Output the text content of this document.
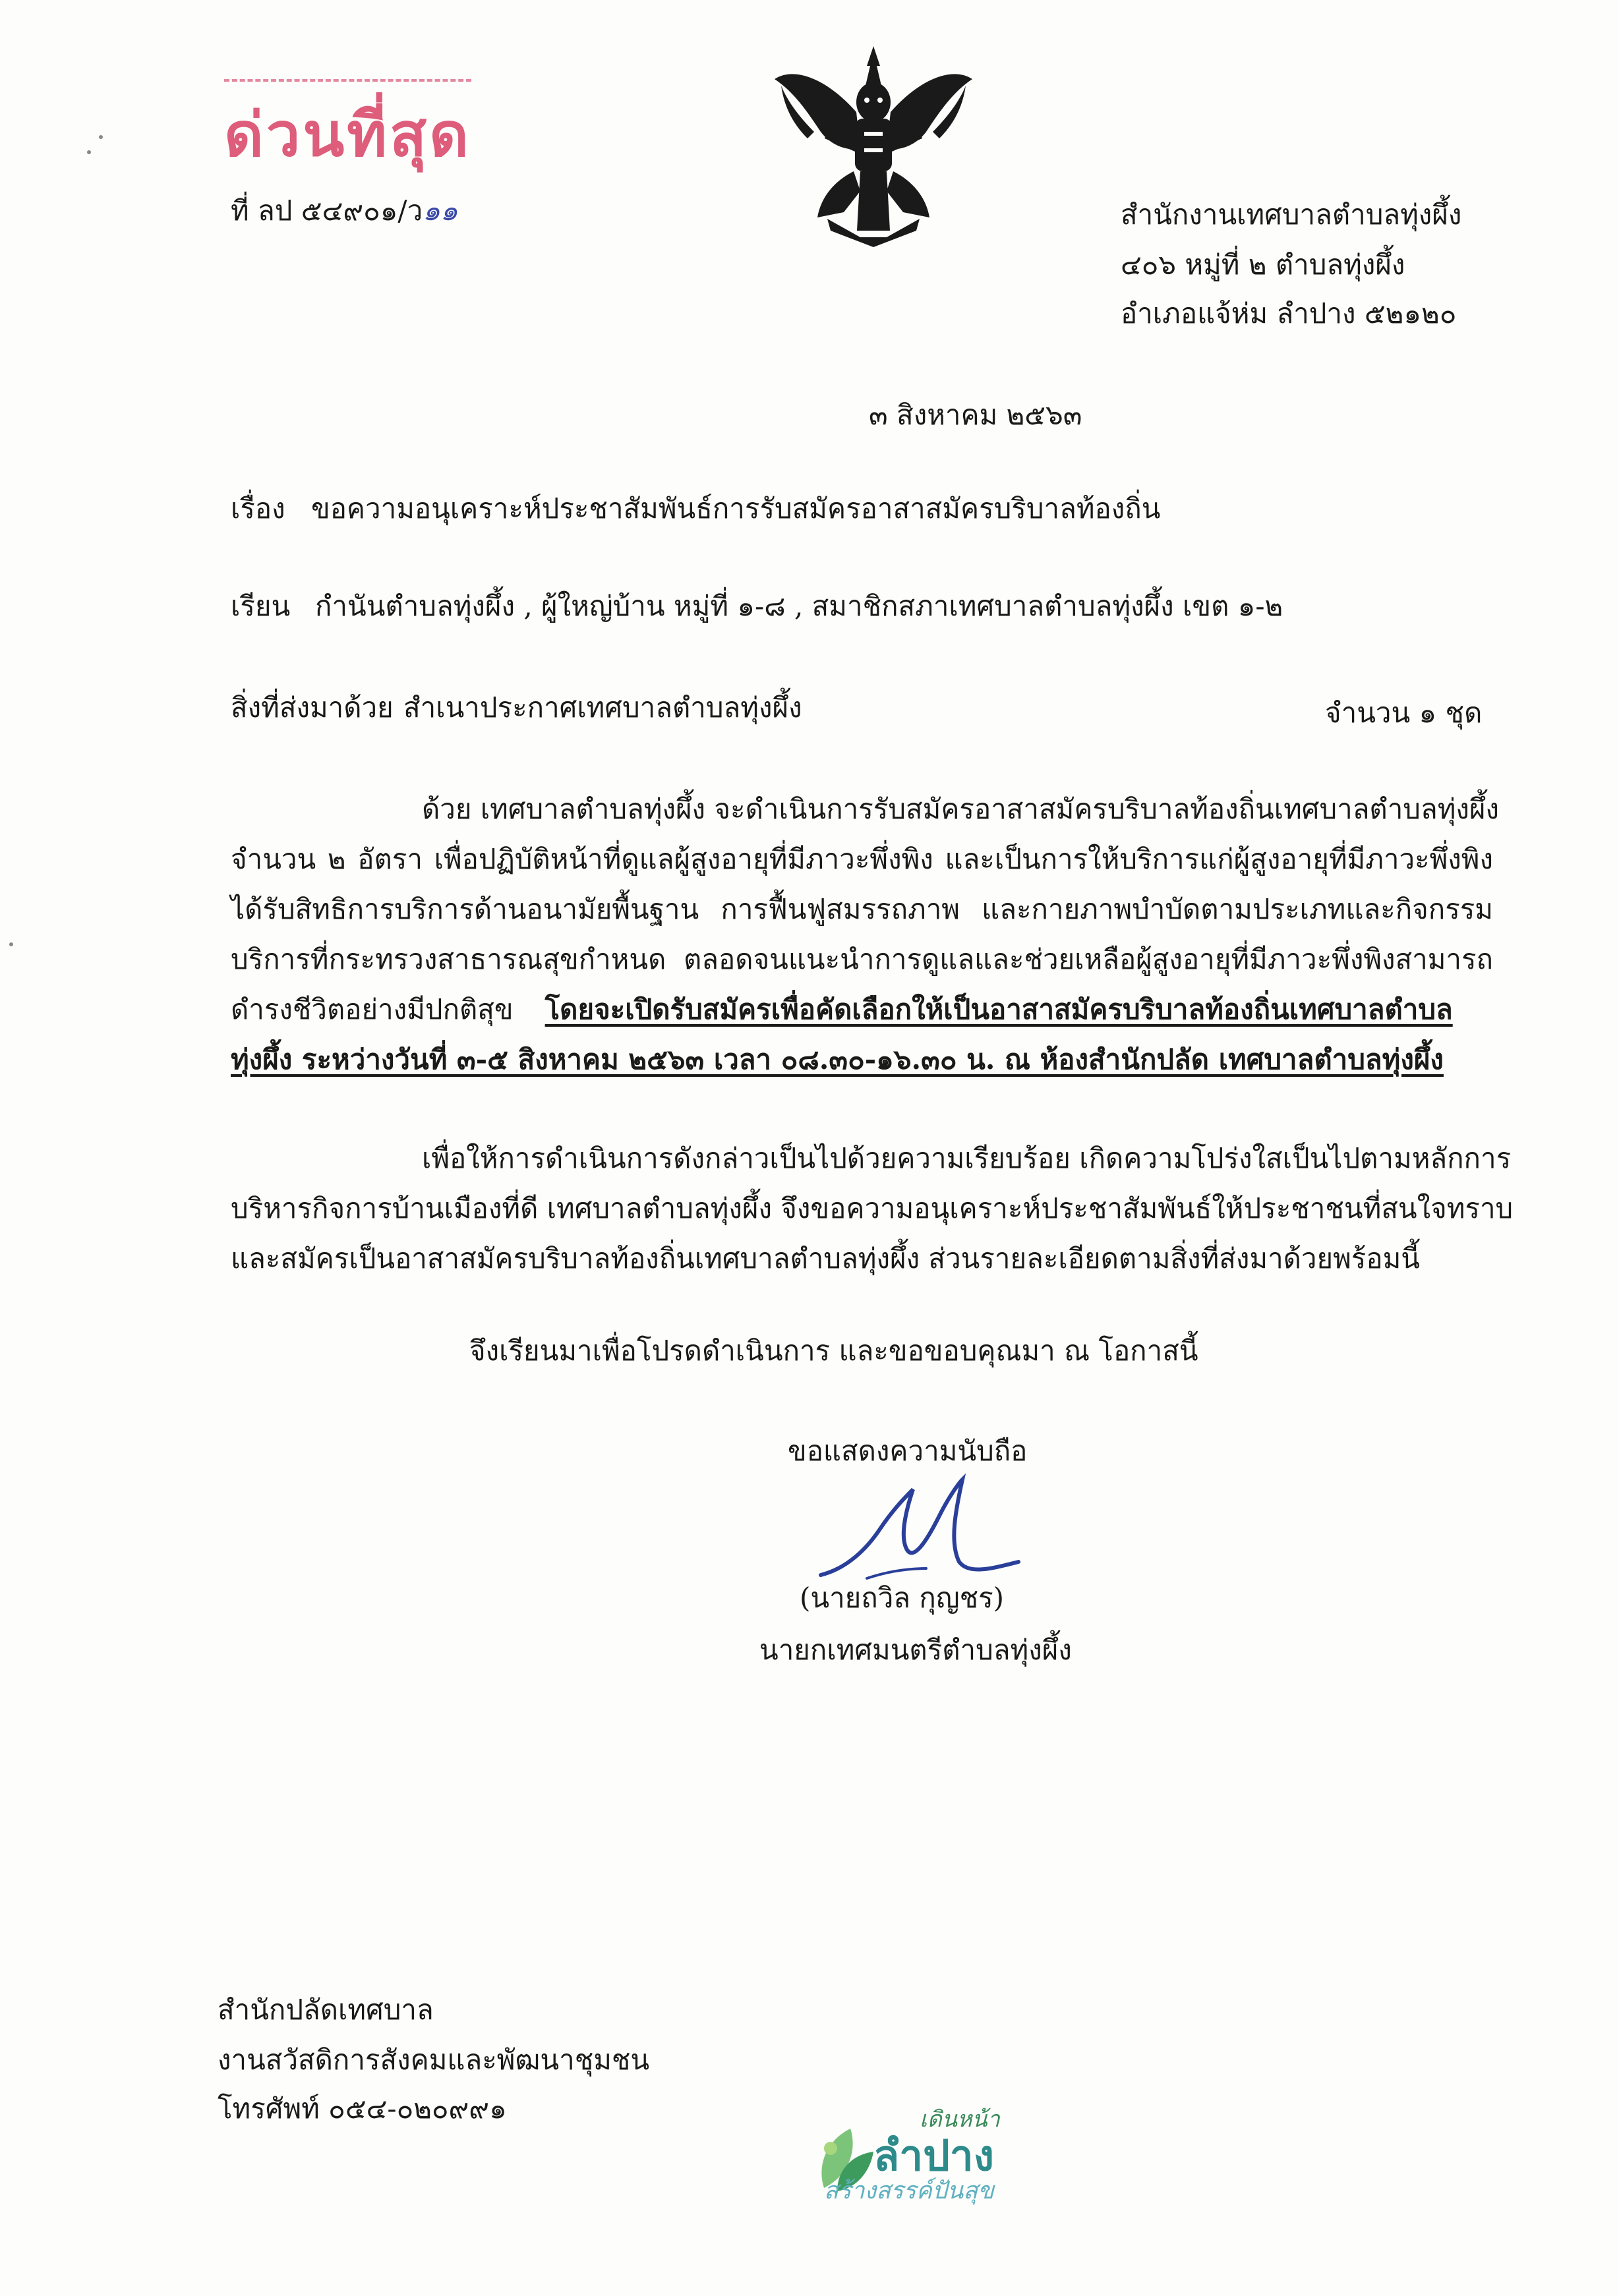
ด่วนที่สุด
ที่ ลป ๕๔๙๐๑/ว๑๑	สำนักงานเทศบาลตำบลทุ่งผึ้ง
๔๐๖ หมู่ที่ ๒ ตำบลทุ่งผึ้ง
อำเภอแจ้ห่ม ลำปาง ๕๒๑๒๐
๓ สิงหาคม ๒๕๖๓
เรื่อง ขอความอนุเคราะห์ประชาสัมพันธ์การรับสมัครอาสาสมัครบริบาลท้องถิ่น
เรียน กำนันตำบลทุ่งผึ้ง , ผู้ใหญ่บ้าน หมู่ที่ ๑-๘ , สมาชิกสภาเทศบาลตำบลทุ่งผึ้ง เขต ๑-๒
สิ่งที่ส่งมาด้วย สำเนาประกาศเทศบาลตำบลทุ่งผึ้ง	จำนวน ๑ ชุด
ด้วย เทศบาลตำบลทุ่งผึ้ง จะดำเนินการรับสมัครอาสาสมัครบริบาลท้องถิ่นเทศบาลตำบลทุ่งผึ้ง
จำนวน ๒ อัตรา เพื่อปฏิบัติหน้าที่ดูแลผู้สูงอายุที่มีภาวะพึ่งพิง และเป็นการให้บริการแก่ผู้สูงอายุที่มีภาวะพึ่งพิง
ได้รับสิทธิการบริการด้านอนามัยพื้นฐาน การฟื้นฟูสมรรถภาพ และกายภาพบำบัดตามประเภทและกิจกรรม
บริการที่กระทรวงสาธารณสุขกำหนด ตลอดจนแนะนำการดูแลและช่วยเหลือผู้สูงอายุที่มีภาวะพึ่งพิงสามารถ
ดำรงชีวิตอย่างมีปกติสุข โดยจะเปิดรับสมัครเพื่อคัดเลือกให้เป็นอาสาสมัครบริบาลท้องถิ่นเทศบาลตำบล
ทุ่งผึ้ง ระหว่างวันที่ ๓-๕ สิงหาคม ๒๕๖๓ เวลา ๐๘.๓๐-๑๖.๓๐ น. ณ ห้องสำนักปลัด เทศบาลตำบลทุ่งผึ้ง
เพื่อให้การดำเนินการดังกล่าวเป็นไปด้วยความเรียบร้อย เกิดความโปร่งใสเป็นไปตามหลักการ
บริหารกิจการบ้านเมืองที่ดี เทศบาลตำบลทุ่งผึ้ง จึงขอความอนุเคราะห์ประชาสัมพันธ์ให้ประชาชนที่สนใจทราบ
และสมัครเป็นอาสาสมัครบริบาลท้องถิ่นเทศบาลตำบลทุ่งผึ้ง ส่วนรายละเอียดตามสิ่งที่ส่งมาด้วยพร้อมนี้
จึงเรียนมาเพื่อโปรดดำเนินการ และขอขอบคุณมา ณ โอกาสนี้
ขอแสดงความนับถือ
(นายถวิล กุญชร)
นายกเทศมนตรีตำบลทุ่งผึ้ง
สำนักปลัดเทศบาล
งานสวัสดิการสังคมและพัฒนาชุมชน
โทรศัพท์ ๐๕๔-๐๒๐๙๙๑	เดินหน้า
ลำปาง
สร้างสรรค์ปันสุข
